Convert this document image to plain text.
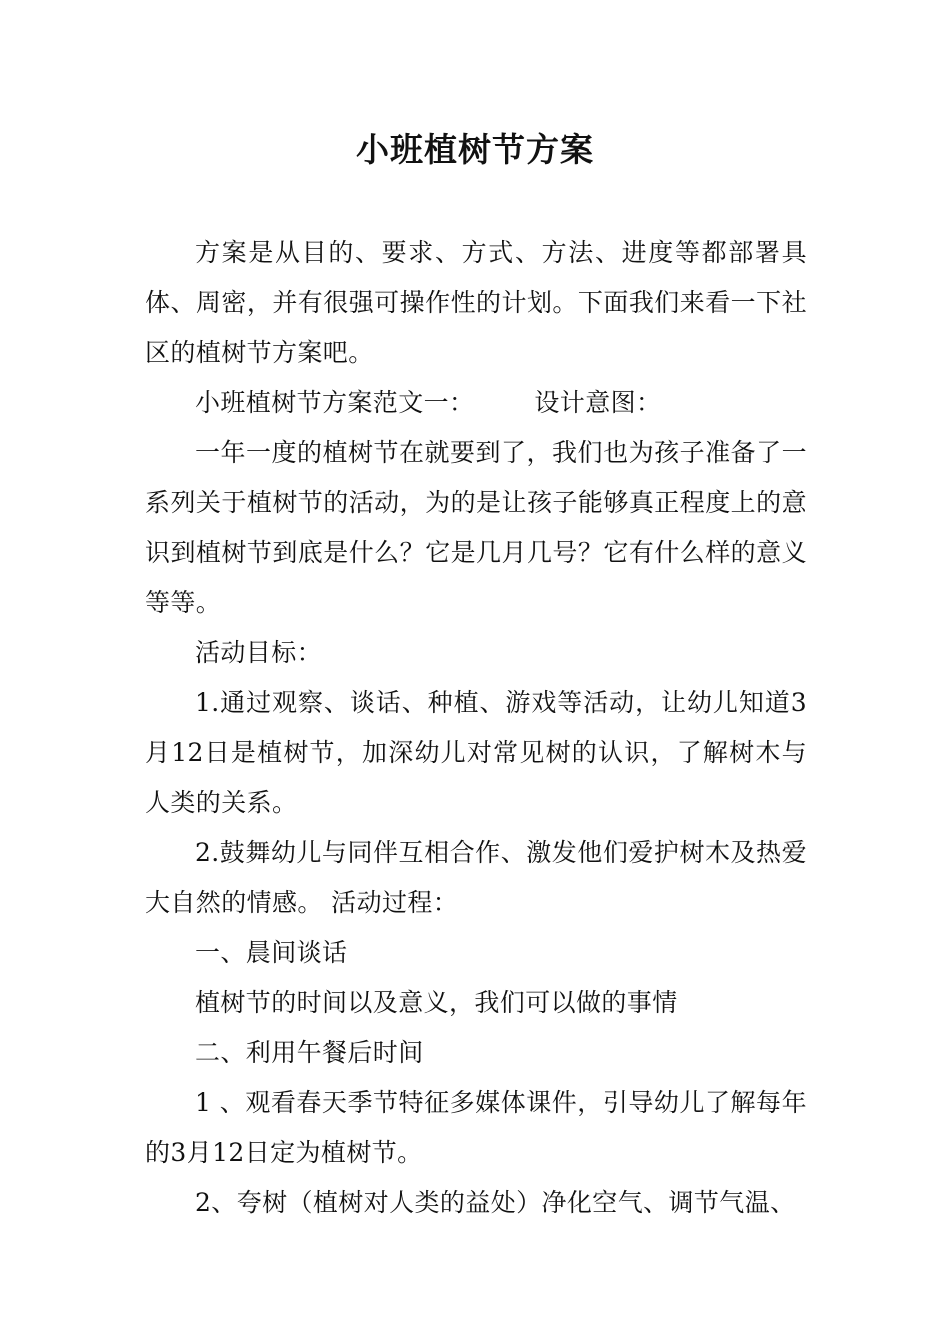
小班植树节方案

方案是从目的、要求、方式、方法、进度等都部署具体、周密，并有很强可操作性的计划。下面我们来看一下社区的植树节方案吧。

小班植树节方案范文一： 设计意图：

一年一度的植树节在就要到了，我们也为孩子准备了一系列关于植树节的活动，为的是让孩子能够真正程度上的意识到植树节到底是什么？它是几月几号？它有什么样的意义等等。

活动目标：

1.通过观察、谈话、种植、游戏等活动，让幼儿知道3月12日是植树节，加深幼儿对常见树的认识，了解树木与人类的关系。

2.鼓舞幼儿与同伴互相合作、激发他们爱护树木及热爱大自然的情感。 活动过程：

一、晨间谈话

植树节的时间以及意义，我们可以做的事情

二、利用午餐后时间

1 、观看春天季节特征多媒体课件，引导幼儿了解每年的3月12日定为植树节。

2、夸树（植树对人类的益处）净化空气、调节气温、
